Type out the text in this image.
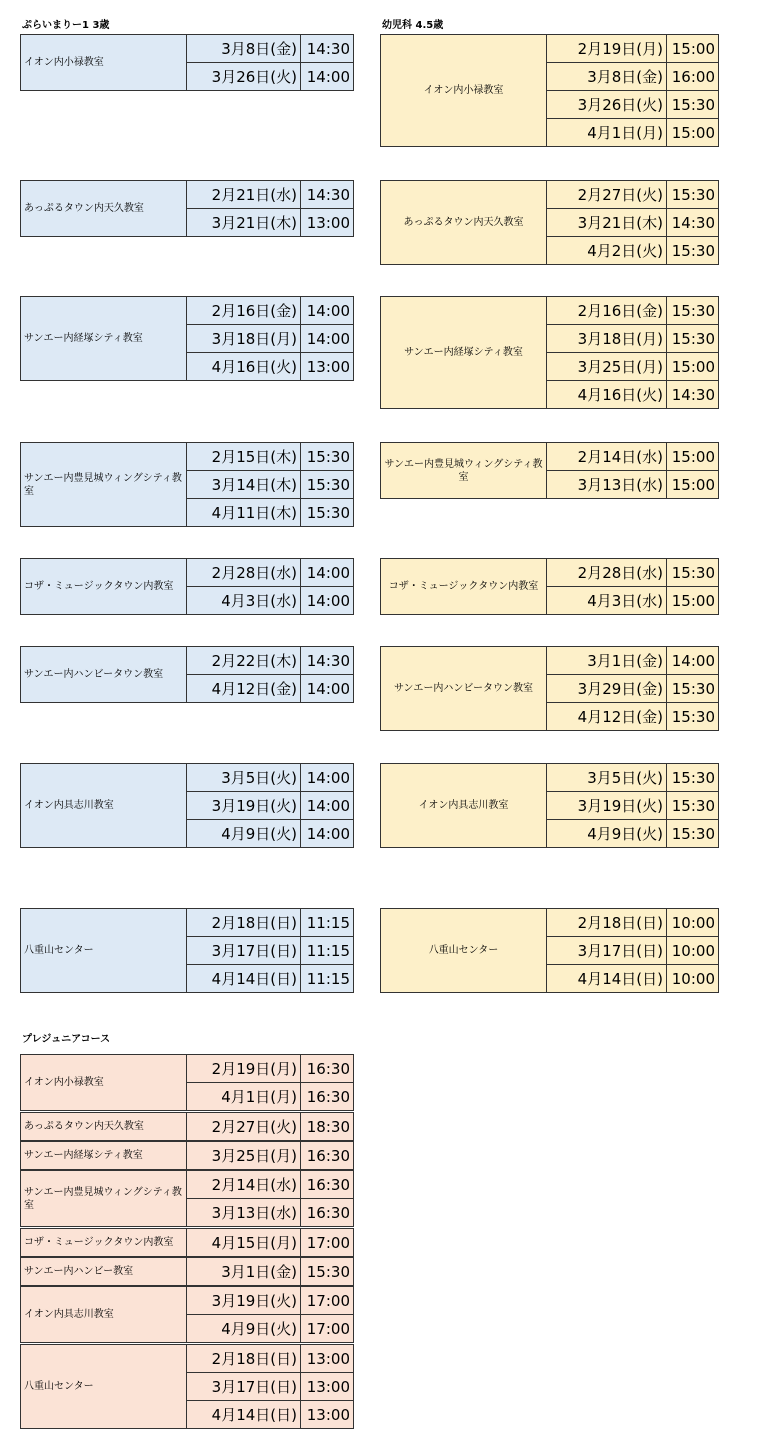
ぷらいまりー1 3歳	幼児科 4.5歳
プレジュニアコース
イオン内小禄教室	3月8日(金)	14:30
	3月26日(火)	14:00
あっぷるタウン内天久教室	2月21日(水)	14:30
	3月21日(木)	13:00
サンエー内経塚シティ教室	2月16日(金)	14:00
	3月18日(月)	14:00
	4月16日(火)	13:00
サンエー内豊見城ウィングシティ教室	2月15日(木)	15:30
	3月14日(木)	15:30
	4月11日(木)	15:30
コザ・ミュージックタウン内教室	2月28日(水)	14:00
	4月3日(水)	14:00
サンエー内ハンビータウン教室	2月22日(木)	14:30
	4月12日(金)	14:00
イオン内具志川教室	3月5日(火)	14:00
	3月19日(火)	14:00
	4月9日(火)	14:00
八重山センター	2月18日(日)	11:15
	3月17日(日)	11:15
	4月14日(日)	11:15
イオン内小禄教室	2月19日(月)	15:00
	3月8日(金)	16:00
	3月26日(火)	15:30
	4月1日(月)	15:00
あっぷるタウン内天久教室	2月27日(火)	15:30
	3月21日(木)	14:30
	4月2日(火)	15:30
サンエー内経塚シティ教室	2月16日(金)	15:30
	3月18日(月)	15:30
	3月25日(月)	15:00
	4月16日(火)	14:30
サンエー内豊見城ウィングシティ教室	2月14日(水)	15:00
	3月13日(水)	15:00
コザ・ミュージックタウン内教室	2月28日(水)	15:30
	4月3日(水)	15:00
サンエー内ハンビータウン教室	3月1日(金)	14:00
	3月29日(金)	15:30
	4月12日(金)	15:30
イオン内具志川教室	3月5日(火)	15:30
	3月19日(火)	15:30
	4月9日(火)	15:30
八重山センター	2月18日(日)	10:00
	3月17日(日)	10:00
	4月14日(日)	10:00
イオン内小禄教室	2月19日(月)	16:30
	4月1日(月)	16:30
あっぷるタウン内天久教室	2月27日(火)	18:30
サンエー内経塚シティ教室	3月25日(月)	16:30
サンエー内豊見城ウィングシティ教室	2月14日(水)	16:30
	3月13日(水)	16:30
コザ・ミュージックタウン内教室	4月15日(月)	17:00
サンエー内ハンビー教室	3月1日(金)	15:30
イオン内具志川教室	3月19日(火)	17:00
	4月9日(火)	17:00
八重山センター	2月18日(日)	13:00
	3月17日(日)	13:00
	4月14日(日)	13:00
